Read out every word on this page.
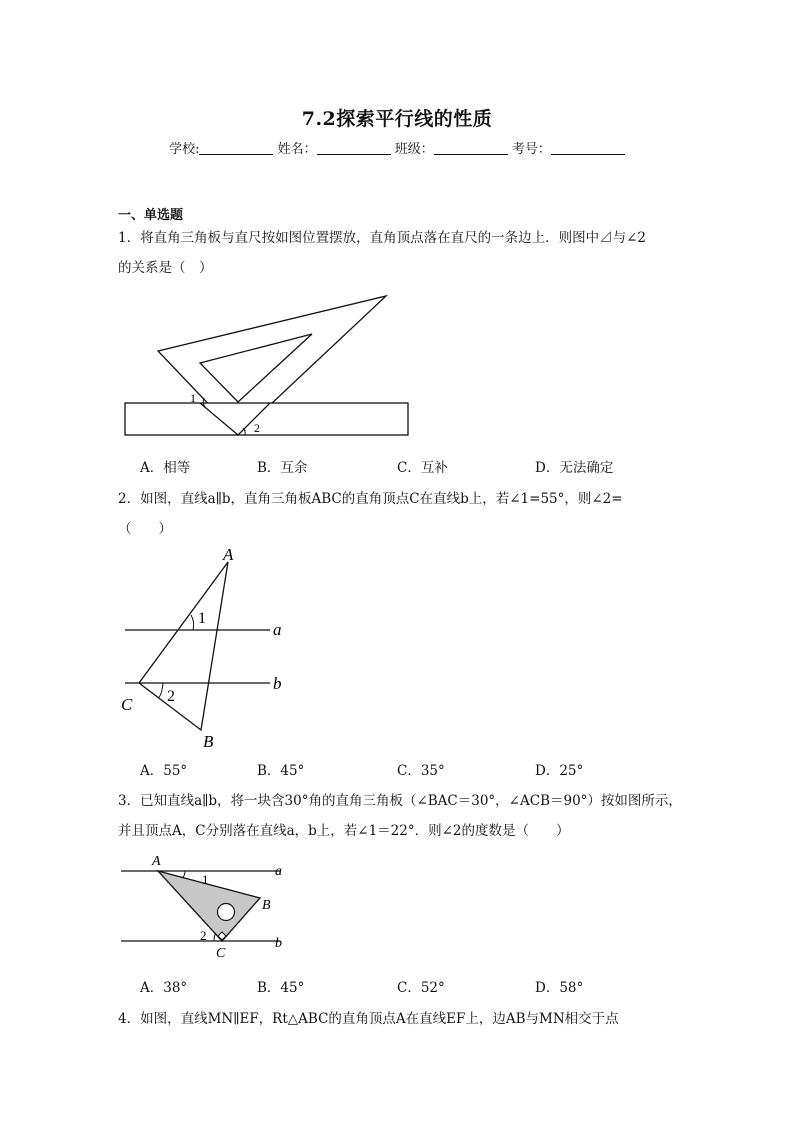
7.2探索平行线的性质
学校:	姓名：	班级：	考号：
一、单选题
1．将直角三角板与直尺按如图位置摆放，直角顶点落在直尺的一条边上．则图中⊿与∠2
的关系是（　）
1
2
A．相等	B．互余	C．互补	D．无法确定
2．如图，直线a∥b，直角三角板ABC的直角顶点C在直线b上，若∠1=55°，则∠2=
（　　）
A
1
a
b
C 2
B
A．55°	B．45°	C．35°	D．25°
3．已知直线a∥b，将一块含30°角的直角三角板（∠BAC＝30°，∠ACB＝90°）按如图所示，
并且顶点A，C分别落在直线a，b上，若∠1＝22°．则∠2的度数是（　　）
A
1
a
B
2
b
C
A．38°	B．45°	C．52°	D．58°
4．如图，直线MN∥EF，Rt△ABC的直角顶点A在直线EF上，边AB与MN相交于点
